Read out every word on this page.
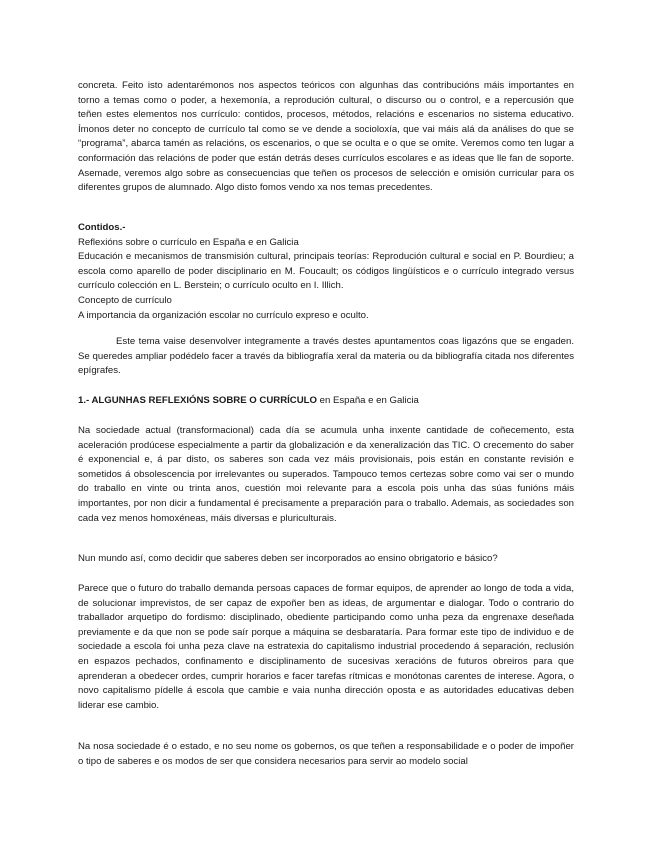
concreta. Feito isto adentarémonos nos aspectos teóricos con algunhas das contribucións máis importantes en torno a temas como o poder, a hexemonía, a reprodución cultural, o discurso ou o control, e a repercusión que teñen estes elementos nos currículo: contidos, procesos, métodos, relacións e escenarios no sistema educativo. Ímonos deter no concepto de currículo tal como se ve dende a socioloxía, que vai máis alá da análises do que se “programa”, abarca tamén as relacións, os escenarios, o que se oculta e o que se omite. Veremos como ten lugar a conformación das relacións de poder que están detrás deses currículos escolares e as ideas que lle fan de soporte. Asemade, veremos algo sobre as consecuencias que teñen os procesos de selección e omisión curricular para os diferentes grupos de alumnado. Algo disto fomos vendo xa nos temas precedentes.

Contidos.-
Reflexións sobre o currículo en España e en Galicia
Educación e mecanismos de transmisión cultural, principais teorías: Reprodución cultural e social en P. Bourdieu; a escola como aparello de poder disciplinario en M. Foucault; os códigos lingüísticos e o currículo integrado versus currículo colección en L. Berstein; o currículo oculto en I. Illich.
Concepto de currículo
A importancia da organización escolar no currículo expreso e oculto.

Este tema vaise desenvolver integramente a través destes apuntamentos coas ligazóns que se engaden. Se queredes ampliar podédelo facer a través da bibliografía xeral da materia ou da bibliografía citada nos diferentes epígrafes.

1.- ALGUNHAS REFLEXIÓNS SOBRE O CURRÍCULO en España e en Galicia

Na sociedade actual (transformacional) cada día se acumula unha inxente cantidade de coñecemento, esta aceleración prodúcese especialmente a partir da globalización e da xeneralización das TIC. O crecemento do saber é exponencial e, á par disto, os saberes son cada vez máis provisionais, pois están en constante revisión e sometidos á obsolescencia por irrelevantes ou superados. Tampouco temos certezas sobre como vai ser o mundo do traballo en vinte ou trinta anos, cuestión moi relevante para a escola pois unha das súas funións máis importantes, por non dicir a fundamental é precisamente a preparación para o traballo. Ademais, as sociedades son cada vez menos homoxéneas, máis diversas e pluriculturais.

Nun mundo así, como decidir que saberes deben ser incorporados ao ensino obrigatorio e básico?

Parece que o futuro do traballo demanda persoas capaces de formar equipos, de aprender ao longo de toda a vida, de solucionar imprevistos, de ser capaz de expoñer ben as ideas, de argumentar e dialogar. Todo o contrario do traballador arquetipo do fordismo: disciplinado, obediente participando como unha peza da engrenaxe deseñada previamente e da que non se pode saír porque a máquina se desbarataría. Para formar este tipo de individuo e de sociedade a escola foi unha peza clave na estratexia do capitalismo industrial procedendo á separación, reclusión en espazos pechados, confinamento e disciplinamento de sucesivas xeracións de futuros obreiros para que aprenderan a obedecer ordes, cumprir horarios e facer tarefas rítmicas e monótonas carentes de interese. Agora, o novo capitalismo pídelle á escola que cambie e vaia nunha dirección oposta e as autoridades educativas deben liderar ese cambio.

Na nosa sociedade é o estado, e no seu nome os gobernos, os que teñen a responsabilidade e o poder de impoñer o tipo de saberes e os modos de ser que considera necesarios para servir ao modelo social
